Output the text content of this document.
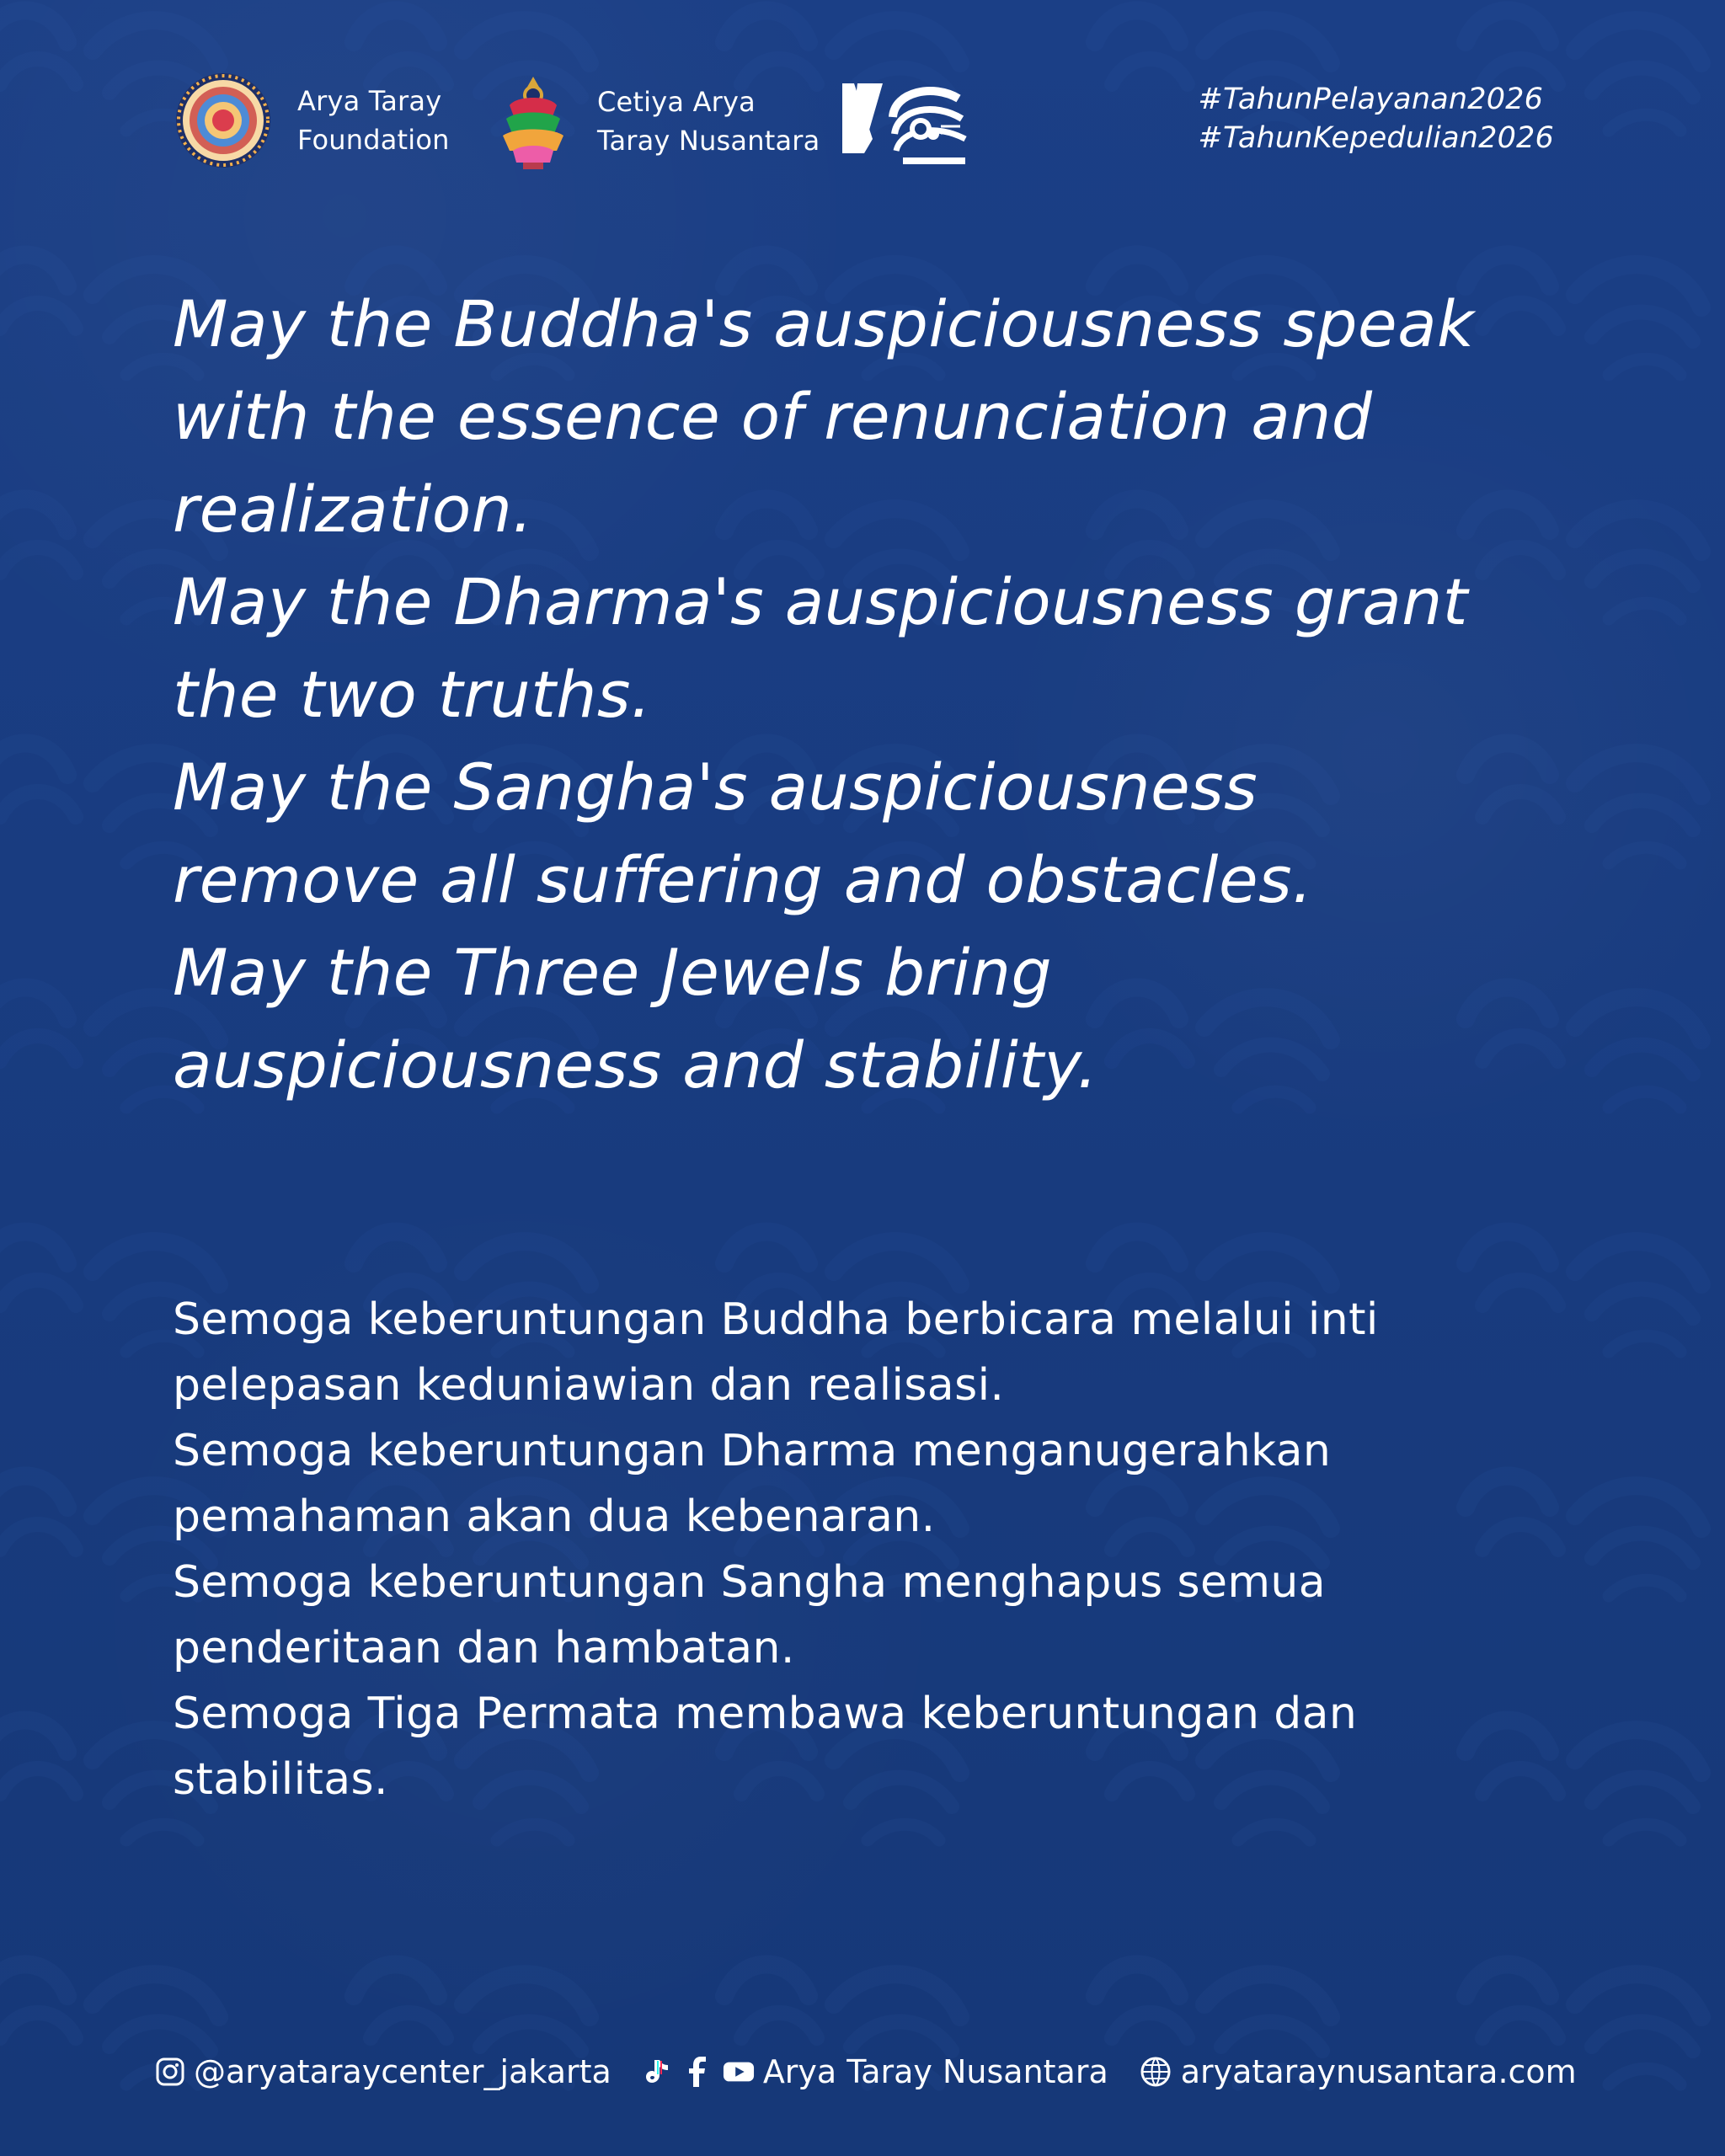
Arya Taray
Foundation
Cetiya Arya
Taray Nusantara
#TahunPelayanan2026
#TahunKepedulian2026

May the Buddha's auspiciousness speak

with the essence of renunciation and

realization.

May the Dharma's auspiciousness grant

the two truths.

May the Sangha's auspiciousness

remove all suffering and obstacles.

May the Three Jewels bring

auspiciousness and stability.

Semoga keberuntungan Buddha berbicara melalui inti

pelepasan keduniawian dan realisasi.

Semoga keberuntungan Dharma menganugerahkan

pemahaman akan dua kebenaran.

Semoga keberuntungan Sangha menghapus semua

penderitaan dan hambatan.

Semoga Tiga Permata membawa keberuntungan dan

stabilitas.

@aryataraycenter_jakarta	Arya Taray Nusantara aryataraynusantara.com
